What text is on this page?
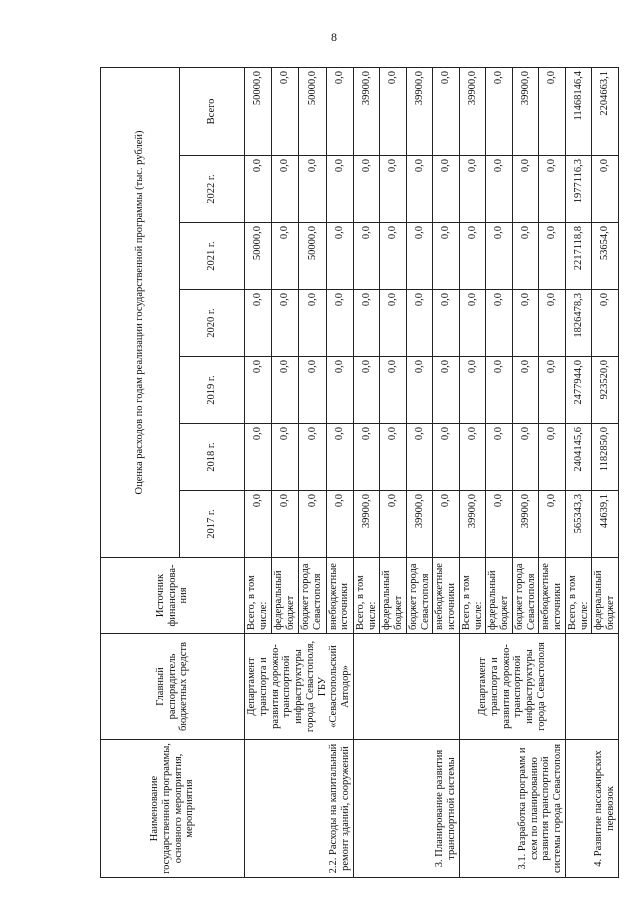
8
Наименование государственной программы, основного мероприятия, мероприятия	Главный распорядитель бюджетных средств	Источник финансирова-ния	Оценка расходов по годам реализации государственной программы (тыс. рублей)						
			2017 г.	2018 г.	2019 г.	2020 г.	2021 г.	2022 г.	Всего
2.2. Расходы на капитальный ремонт зданий, сооружений	Департамент транспорта и развития дорожно-транспортной инфраструктуры города Севастополя, ГБУ «Севастопольский Автодор»	Всего, в том числе:	0,0	0,0	0,0	0,0	50000,0	0,0	50000,0
		федеральный бюджет	0,0	0,0	0,0	0,0	0,0	0,0	0,0
		бюджет города Севастополя	0,0	0,0	0,0	0,0	50000,0	0,0	50000,0
		внебюджетные источники	0,0	0,0	0,0	0,0	0,0	0,0	0,0
3. Планирование развития транспортной системы		Всего, в том числе:	39900,0	0,0	0,0	0,0	0,0	0,0	39900,0
		федеральный бюджет	0,0	0,0	0,0	0,0	0,0	0,0	0,0
		бюджет города Севастополя	39900,0	0,0	0,0	0,0	0,0	0,0	39900,0
		внебюджетные источники	0,0	0,0	0,0	0,0	0,0	0,0	0,0
3.1. Разработка программ и схем по планированию развития транспортной системы города Севастополя	Департамент транспорта и развития дорожно-транспортной инфраструктуры города Севастополя	Всего, в том числе:	39900,0	0,0	0,0	0,0	0,0	0,0	39900,0
		федеральный бюджет	0,0	0,0	0,0	0,0	0,0	0,0	0,0
		бюджет города Севастополя	39900,0	0,0	0,0	0,0	0,0	0,0	39900,0
		внебюджетные источники	0,0	0,0	0,0	0,0	0,0	0,0	0,0
4. Развитие пассажирских перевозок		Всего, в том числе:	565343,3	2404145,6	2477944,0	1826478,3	2217118,8	1977116,3	11468146,4
		федеральный бюджет	44639,1	1182850,0	923520,0	0,0	53654,0	0,0	2204663,1
